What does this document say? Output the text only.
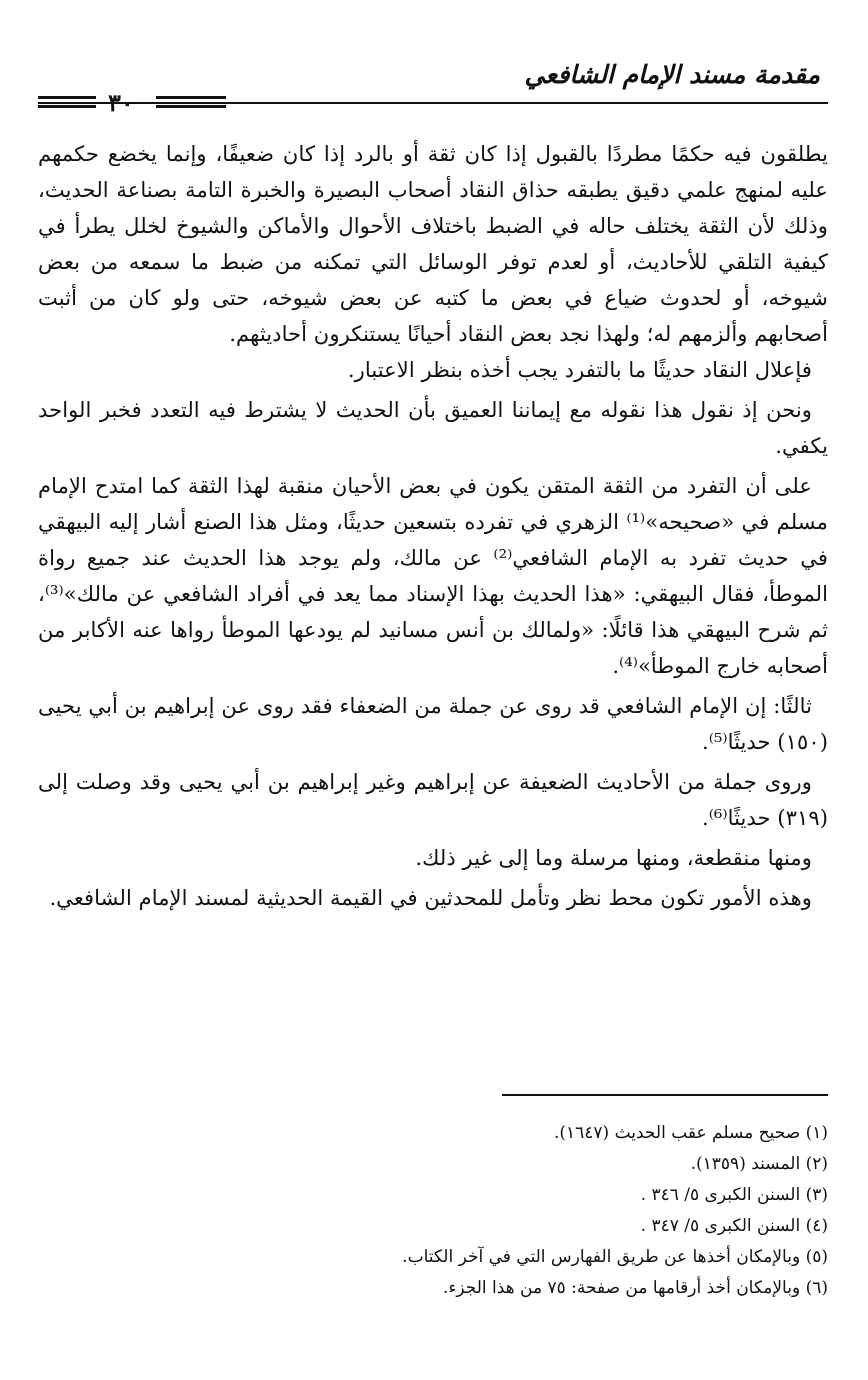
مقدمة مسند الإمام الشافعي
٣٠

يطلقون فيه حكمًا مطردًا بالقبول إذا كان ثقة أو بالرد إذا كان ضعيفًا، وإنما يخضع حكمهم عليه لمنهج علمي دقيق يطبقه حذاق النقاد أصحاب البصيرة والخبرة التامة بصناعة الحديث، وذلك لأن الثقة يختلف حاله في الضبط باختلاف الأحوال والأماكن والشيوخ لخلل يطرأ في كيفية التلقي للأحاديث، أو لعدم توفر الوسائل التي تمكنه من ضبط ما سمعه من بعض شيوخه، أو لحدوث ضياع في بعض ما كتبه عن بعض شيوخه، حتى ولو كان من أثبت أصحابهم وألزمهم له؛ ولهذا نجد بعض النقاد أحيانًا يستنكرون أحاديثهم.

فإعلال النقاد حديثًا ما بالتفرد يجب أخذه بنظر الاعتبار.

ونحن إذ نقول هذا نقوله مع إيماننا العميق بأن الحديث لا يشترط فيه التعدد فخبر الواحد يكفي.

على أن التفرد من الثقة المتقن يكون في بعض الأحيان منقبة لهذا الثقة كما امتدح الإمام مسلم في «صحيحه»⁽¹⁾ الزهري في تفرده بتسعين حديثًا، ومثل هذا الصنع أشار إليه البيهقي في حديث تفرد به الإمام الشافعي⁽²⁾ عن مالك، ولم يوجد هذا الحديث عند جميع رواة الموطأ، فقال البيهقي: «هذا الحديث بهذا الإسناد مما يعد في أفراد الشافعي عن مالك»⁽³⁾، ثم شرح البيهقي هذا قائلًا: «ولمالك بن أنس مسانيد لم يودعها الموطأ رواها عنه الأكابر من أصحابه خارج الموطأ»⁽⁴⁾.

ثالثًا: إن الإمام الشافعي قد روى عن جملة من الضعفاء فقد روى عن إبراهيم بن أبي يحيى (١٥٠) حديثًا⁽⁵⁾.

وروى جملة من الأحاديث الضعيفة عن إبراهيم وغير إبراهيم بن أبي يحيى وقد وصلت إلى (٣١٩) حديثًا⁽⁶⁾.

ومنها منقطعة، ومنها مرسلة وما إلى غير ذلك.

وهذه الأمور تكون محط نظر وتأمل للمحدثين في القيمة الحديثية لمسند الإمام الشافعي.

(١) صحيح مسلم عقب الحديث (١٦٤٧).

(٢) المسند (١٣٥٩).

(٣) السنن الكبرى ٥/ ٣٤٦ .

(٤) السنن الكبرى ٥/ ٣٤٧ .

(٥) وبالإمكان أخذها عن طريق الفهارس التي في آخر الكتاب.

(٦) وبالإمكان أخذ أرقامها من صفحة: ٧٥ من هذا الجزء.
